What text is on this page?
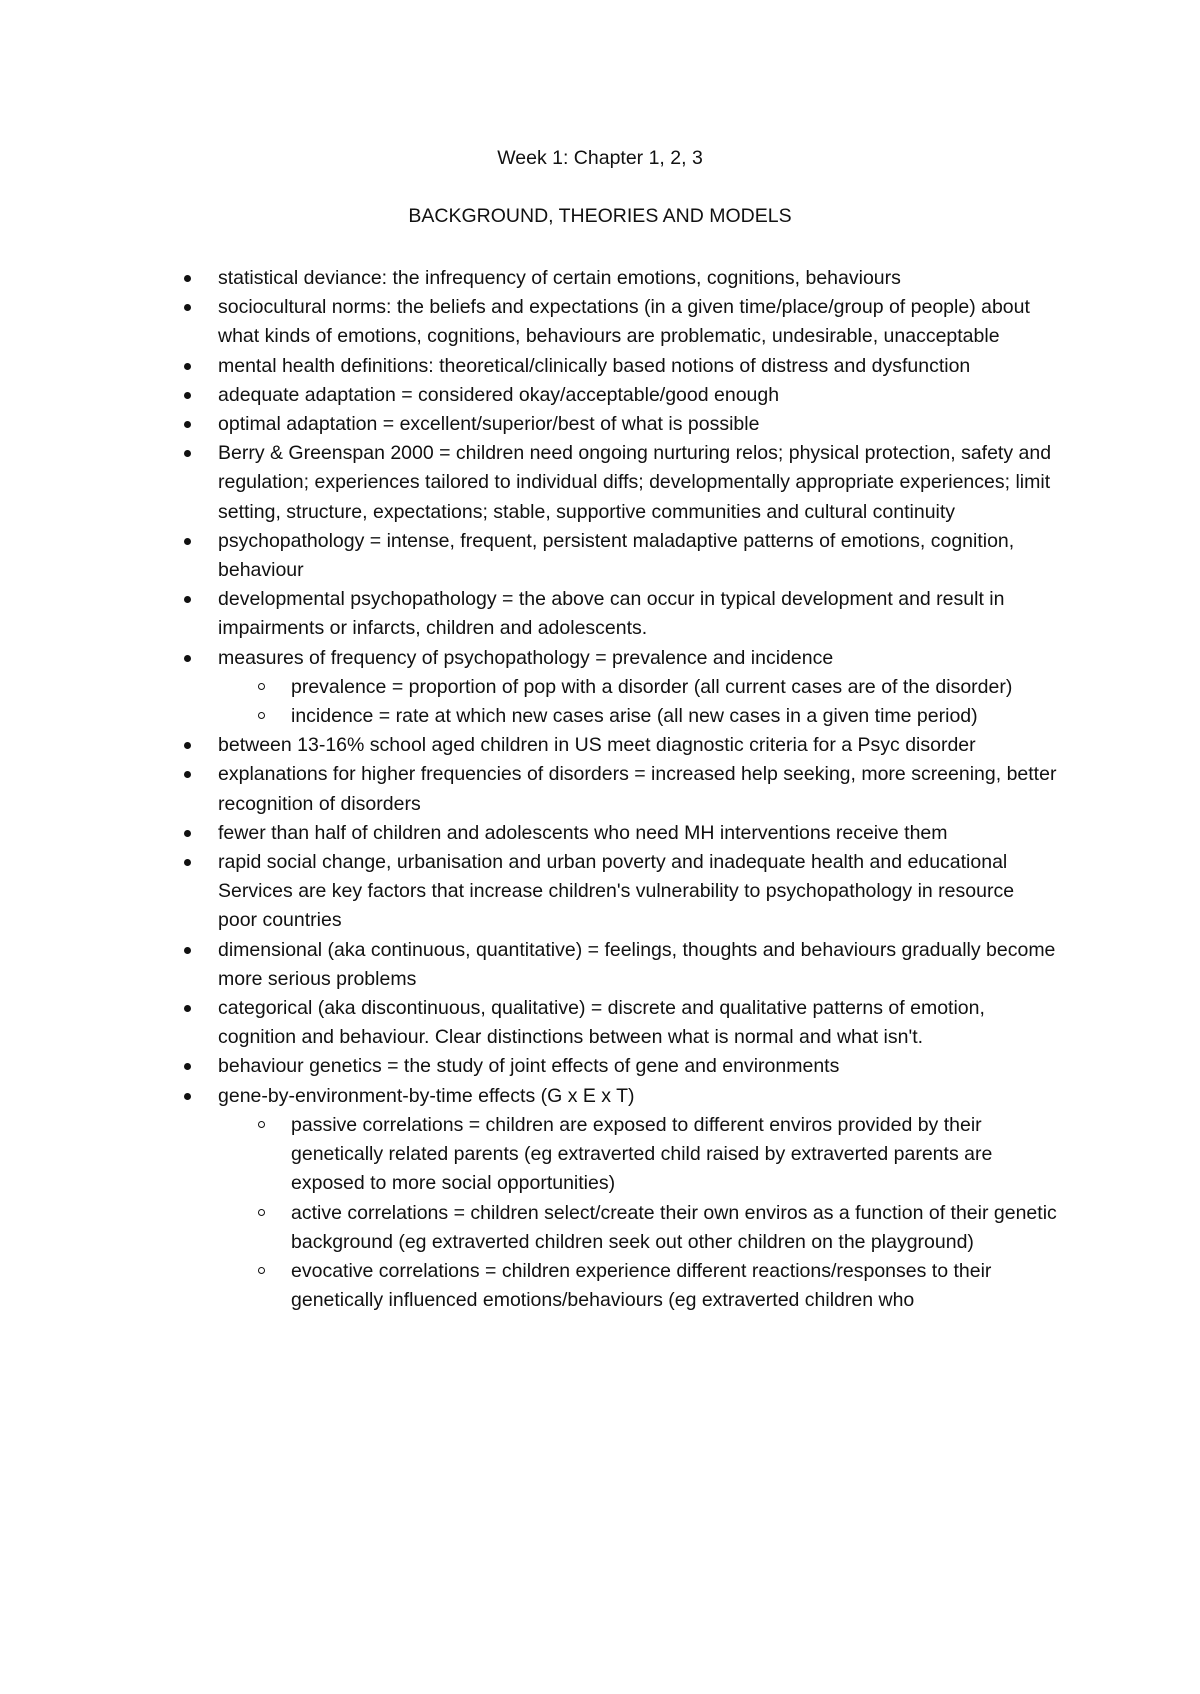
Week 1: Chapter 1, 2, 3
BACKGROUND, THEORIES AND MODELS
statistical deviance: the infrequency of certain emotions, cognitions, behaviours
sociocultural norms: the beliefs and expectations (in a given time/place/group of people) about what kinds of emotions, cognitions, behaviours are problematic, undesirable, unacceptable
mental health definitions: theoretical/clinically based notions of distress and dysfunction
adequate adaptation = considered okay/acceptable/good enough
optimal adaptation = excellent/superior/best of what is possible
Berry & Greenspan 2000 = children need ongoing nurturing relos; physical protection, safety and regulation; experiences tailored to individual diffs; developmentally appropriate experiences; limit setting, structure, expectations; stable, supportive communities and cultural continuity
psychopathology = intense, frequent, persistent maladaptive patterns of emotions, cognition, behaviour
developmental psychopathology = the above can occur in typical development and result in impairments or infarcts, children and adolescents.
measures of frequency of psychopathology = prevalence and incidence
prevalence = proportion of pop with a disorder (all current cases are of the disorder)
incidence = rate at which new cases arise (all new cases in a given time period)
between 13-16% school aged children in US meet diagnostic criteria for a Psyc disorder
explanations for higher frequencies of disorders = increased help seeking, more screening, better recognition of disorders
fewer than half of children and adolescents who need MH interventions receive them
rapid social change, urbanisation and urban poverty and inadequate health and educational Services are key factors that increase children's vulnerability to psychopathology in resource poor countries
dimensional (aka continuous, quantitative) = feelings, thoughts and behaviours gradually become more serious problems
categorical (aka discontinuous, qualitative) = discrete and qualitative patterns of emotion, cognition and behaviour. Clear distinctions between what is normal and what isn't.
behaviour genetics = the study of joint effects of gene and environments
gene-by-environment-by-time effects (G x E x T)
passive correlations = children are exposed to different enviros provided by their genetically related parents (eg extraverted child raised by extraverted parents are exposed to more social opportunities)
active correlations = children select/create their own enviros as a function of their genetic background (eg extraverted children seek out other children on the playground)
evocative correlations = children experience different reactions/responses to their genetically influenced emotions/behaviours (eg extraverted children who
